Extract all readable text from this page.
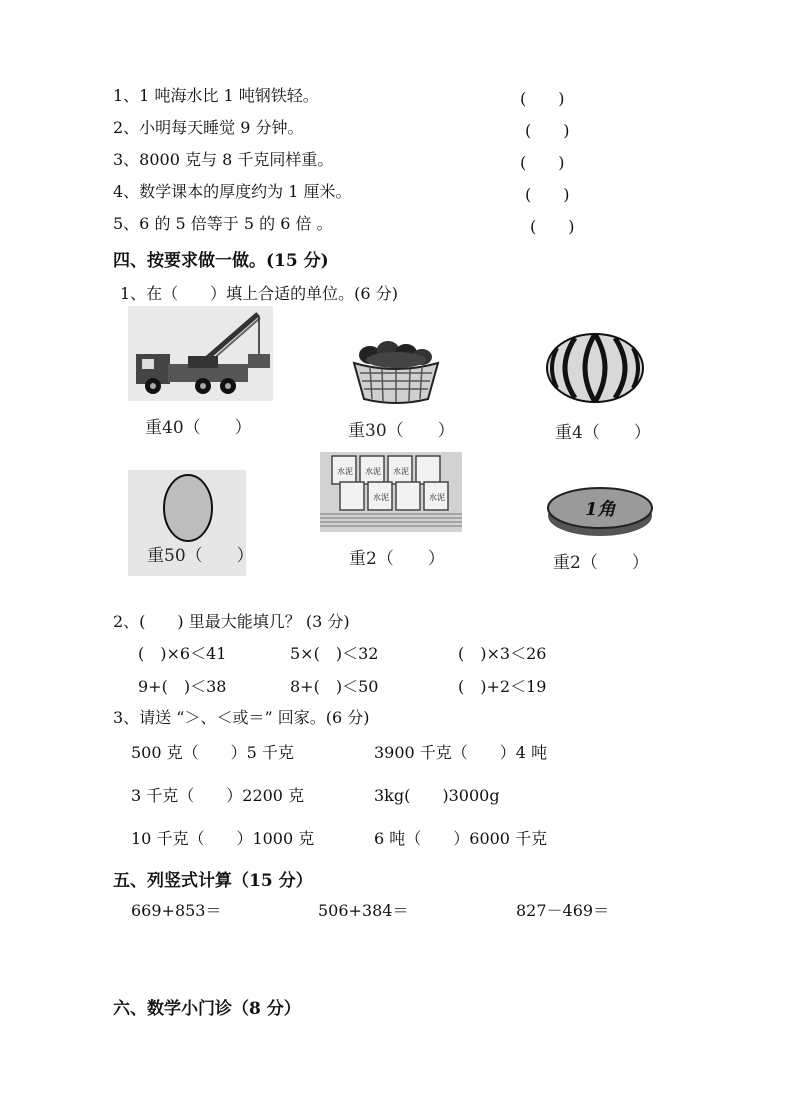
1、1 吨海水比 1 吨钢铁轻。	(　　)
2、小明每天睡觉 9 分钟。	(　　)
3、8000 克与 8 千克同样重。	(　　)
4、数学课本的厚度约为 1 厘米。	(　　)
5、6 的 5 倍等于 5 的 6 倍 。	(　　)
四、按要求做一做。(15 分)
1、在（　　）填上合适的单位。(6 分)
重40（　　）	重30（　　）	重4（　　）
重50（　　）
水泥 水泥 水泥
水泥	水泥
重2（　　）
1角
重2（　　）
2、(　　) 里最大能填几？ (3 分)
(　)×6＜41	5×(　)＜32	(　)×3＜26
9+(　)＜38	8+(　)＜50	(　)+2＜19
3、请送 “＞、＜或＝” 回家。(6 分)
500 克（　　）5 千克	3900 千克（　　）4 吨
3 千克（　　）2200 克	3kg(　　)3000g
10 千克（　　）1000 克	6 吨（　　）6000 千克
五、列竖式计算（15 分）
669+853＝	506+384＝	827－469＝
六、数学小门诊（8 分）
